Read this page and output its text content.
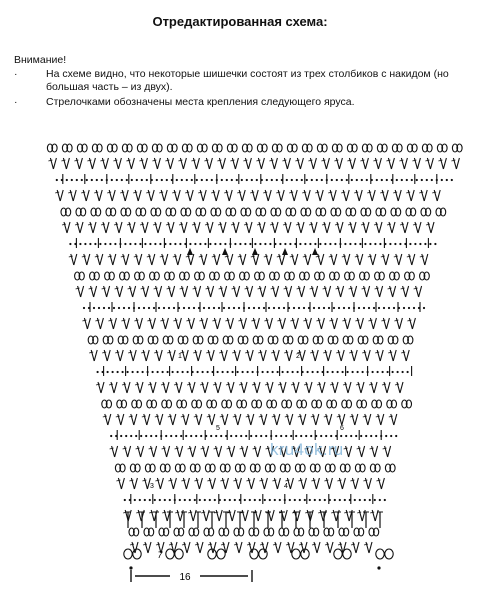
Отредактированная схема:
Внимание!
·	На схеме видно, что некоторые шишечки состоят из трех столбиков с накидом (но большая часть – из двух).
·	Стрелочками обозначены места крепления следующего яруса.
1	2
3	4
5	6
16
7
kru4ok.ru
